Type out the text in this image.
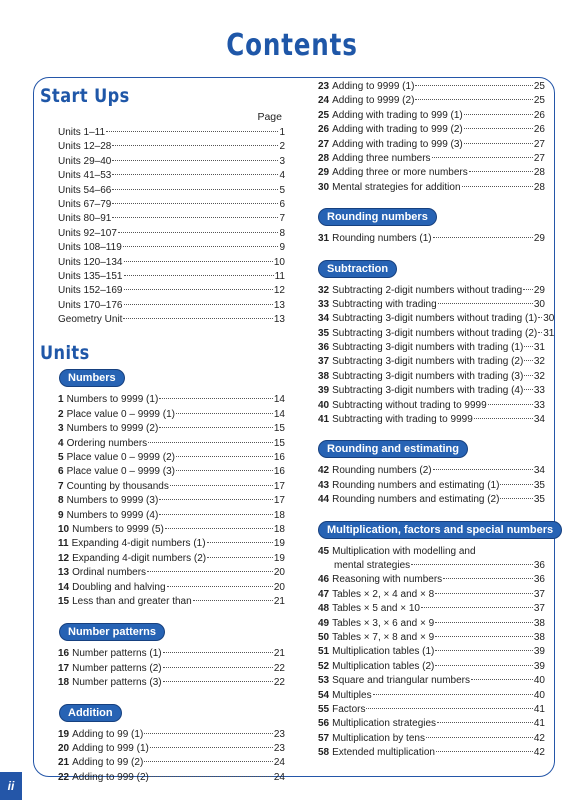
Contents
Start Ups
Page
Units 1–11	1
Units 12–28	2
Units 29–40	3
Units 41–53	4
Units 54–66	5
Units 67–79	6
Units 80–91	7
Units 92–107	8
Units 108–119	9
Units 120–134	10
Units 135–151	11
Units 152–169	12
Units 170–176	13
Geometry Unit	13
Units
Numbers
1 Numbers to 9999 (1)	14
2 Place value 0 – 9999 (1)	14
3 Numbers to 9999 (2)	15
4 Ordering numbers	15
5 Place value 0 – 9999 (2)	16
6 Place value 0 – 9999 (3)	16
7 Counting by thousands	17
8 Numbers to 9999 (3)	17
9 Numbers to 9999 (4)	18
10 Numbers to 9999 (5)	18
11 Expanding 4-digit numbers (1)	19
12 Expanding 4-digit numbers (2)	19
13 Ordinal numbers	20
14 Doubling and halving	20
15 Less than and greater than	21
Number patterns
16 Number patterns (1)	21
17 Number patterns (2)	22
18 Number patterns (3)	22
Addition
19 Adding to 99 (1)	23
20 Adding to 999 (1)	23
21 Adding to 99 (2)	24
22 Adding to 999 (2)	24
23 Adding to 9999 (1)	25
24 Adding to 9999 (2)	25
25 Adding with trading to 999 (1)	26
26 Adding with trading to 999 (2)	26
27 Adding with trading to 999 (3)	27
28 Adding three numbers	27
29 Adding three or more numbers	28
30 Mental strategies for addition	28
Rounding numbers
31 Rounding numbers (1)	29
Subtraction
32 Subtracting 2-digit numbers without trading 29
33 Subtracting with trading	30
34 Subtracting 3-digit numbers without trading (1) 30
35 Subtracting 3-digit numbers without trading (2) 31
36 Subtracting 3-digit numbers with trading (1) 31
37 Subtracting 3-digit numbers with trading (2) 32
38 Subtracting 3-digit numbers with trading (3) 32
39 Subtracting 3-digit numbers with trading (4) 33
40 Subtracting without trading to 9999	33
41 Subtracting with trading to 9999	34
Rounding and estimating
42 Rounding numbers (2)	34
43 Rounding numbers and estimating (1)	35
44 Rounding numbers and estimating (2)	35
Multiplication, factors and special numbers
45 Multiplication with modelling and
mental strategies	36
46 Reasoning with numbers	36
47 Tables × 2, × 4 and × 8	37
48 Tables × 5 and × 10	37
49 Tables × 3, × 6 and × 9	38
50 Tables × 7, × 8 and × 9	38
51 Multiplication tables (1)	39
52 Multiplication tables (2)	39
53 Square and triangular numbers	40
54 Multiples	40
55 Factors	41
56 Multiplication strategies	41
57 Multiplication by tens	42
58 Extended multiplication	42
ii
